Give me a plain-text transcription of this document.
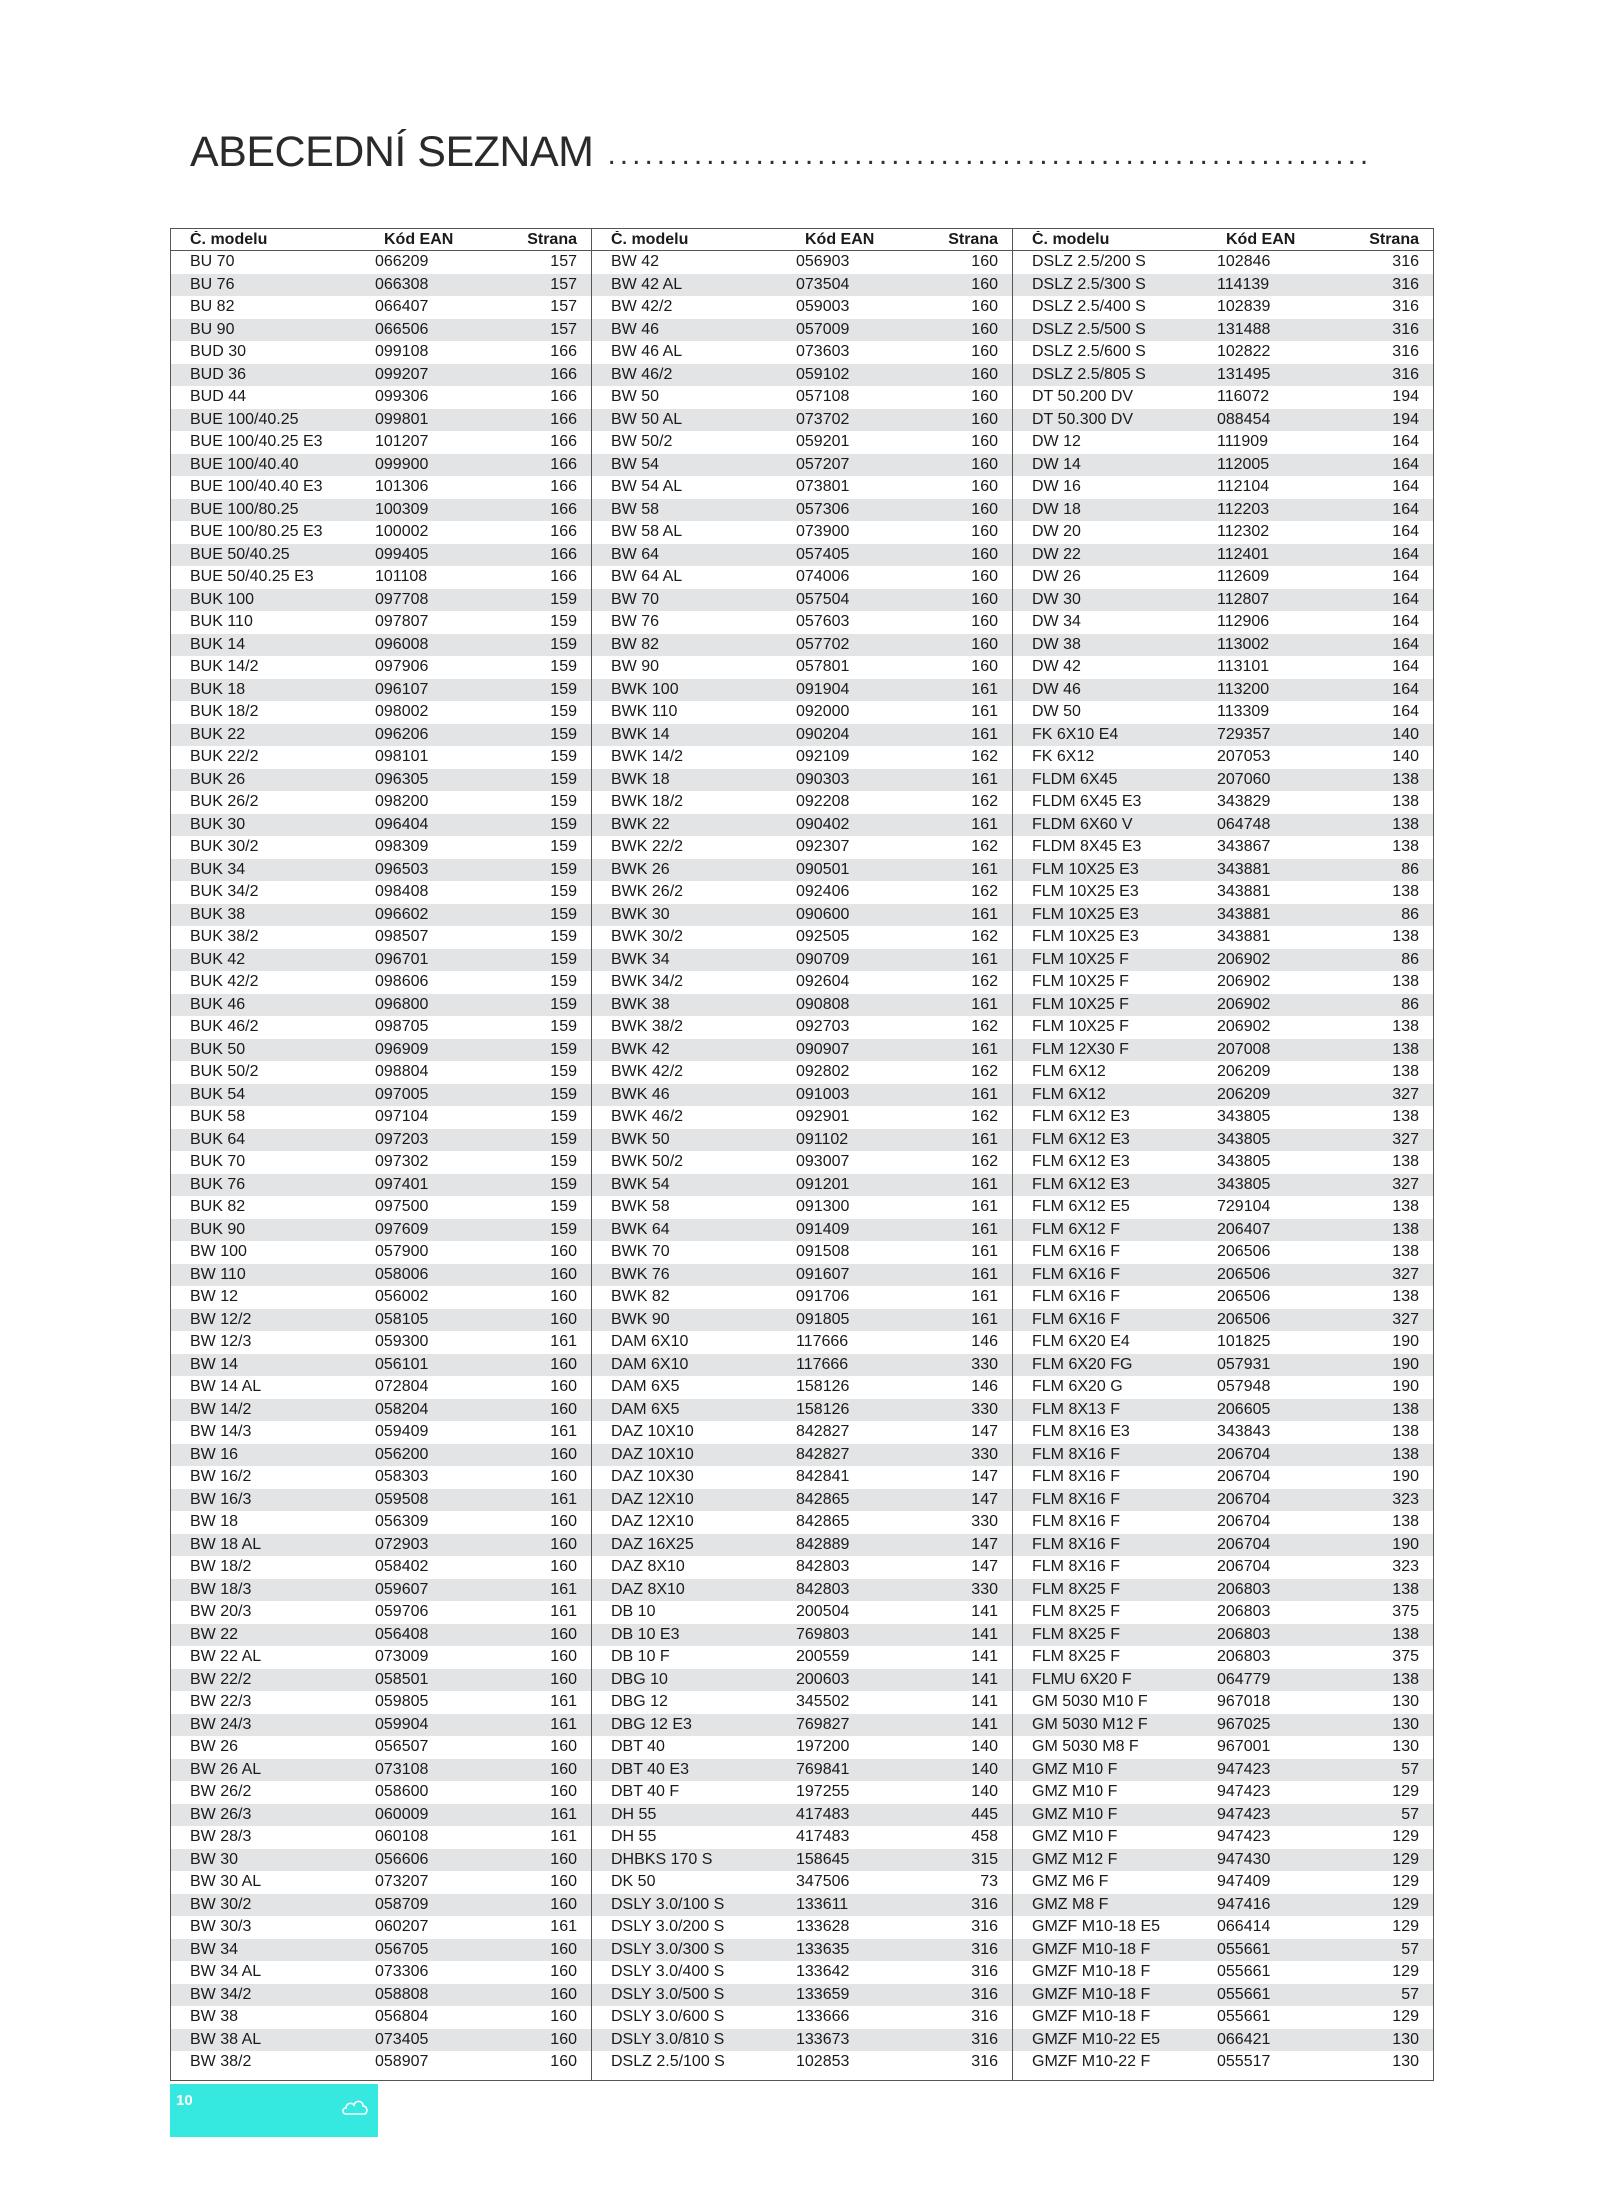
ABECEDNÍ SEZNAM ..............................................................
Č. modelu	Kód EAN	Strana
BU 70	066209	157
BU 76	066308	157
BU 82	066407	157
BU 90	066506	157
BUD 30	099108	166
BUD 36	099207	166
BUD 44	099306	166
BUE 100/40.25	099801	166
BUE 100/40.25 E3	101207	166
BUE 100/40.40	099900	166
BUE 100/40.40 E3	101306	166
BUE 100/80.25	100309	166
BUE 100/80.25 E3	100002	166
BUE 50/40.25	099405	166
BUE 50/40.25 E3	101108	166
BUK 100	097708	159
BUK 110	097807	159
BUK 14	096008	159
BUK 14/2	097906	159
BUK 18	096107	159
BUK 18/2	098002	159
BUK 22	096206	159
BUK 22/2	098101	159
BUK 26	096305	159
BUK 26/2	098200	159
BUK 30	096404	159
BUK 30/2	098309	159
BUK 34	096503	159
BUK 34/2	098408	159
BUK 38	096602	159
BUK 38/2	098507	159
BUK 42	096701	159
BUK 42/2	098606	159
BUK 46	096800	159
BUK 46/2	098705	159
BUK 50	096909	159
BUK 50/2	098804	159
BUK 54	097005	159
BUK 58	097104	159
BUK 64	097203	159
BUK 70	097302	159
BUK 76	097401	159
BUK 82	097500	159
BUK 90	097609	159
BW 100	057900	160
BW 110	058006	160
BW 12	056002	160
BW 12/2	058105	160
BW 12/3	059300	161
BW 14	056101	160
BW 14 AL	072804	160
BW 14/2	058204	160
BW 14/3	059409	161
BW 16	056200	160
BW 16/2	058303	160
BW 16/3	059508	161
BW 18	056309	160
BW 18 AL	072903	160
BW 18/2	058402	160
BW 18/3	059607	161
BW 20/3	059706	161
BW 22	056408	160
BW 22 AL	073009	160
BW 22/2	058501	160
BW 22/3	059805	161
BW 24/3	059904	161
BW 26	056507	160
BW 26 AL	073108	160
BW 26/2	058600	160
BW 26/3	060009	161
BW 28/3	060108	161
BW 30	056606	160
BW 30 AL	073207	160
BW 30/2	058709	160
BW 30/3	060207	161
BW 34	056705	160
BW 34 AL	073306	160
BW 34/2	058808	160
BW 38	056804	160
BW 38 AL	073405	160
BW 38/2	058907	160
Č. modelu	Kód EAN	Strana
BW 42	056903	160
BW 42 AL	073504	160
BW 42/2	059003	160
BW 46	057009	160
BW 46 AL	073603	160
BW 46/2	059102	160
BW 50	057108	160
BW 50 AL	073702	160
BW 50/2	059201	160
BW 54	057207	160
BW 54 AL	073801	160
BW 58	057306	160
BW 58 AL	073900	160
BW 64	057405	160
BW 64 AL	074006	160
BW 70	057504	160
BW 76	057603	160
BW 82	057702	160
BW 90	057801	160
BWK 100	091904	161
BWK 110	092000	161
BWK 14	090204	161
BWK 14/2	092109	162
BWK 18	090303	161
BWK 18/2	092208	162
BWK 22	090402	161
BWK 22/2	092307	162
BWK 26	090501	161
BWK 26/2	092406	162
BWK 30	090600	161
BWK 30/2	092505	162
BWK 34	090709	161
BWK 34/2	092604	162
BWK 38	090808	161
BWK 38/2	092703	162
BWK 42	090907	161
BWK 42/2	092802	162
BWK 46	091003	161
BWK 46/2	092901	162
BWK 50	091102	161
BWK 50/2	093007	162
BWK 54	091201	161
BWK 58	091300	161
BWK 64	091409	161
BWK 70	091508	161
BWK 76	091607	161
BWK 82	091706	161
BWK 90	091805	161
DAM 6X10	117666	146
DAM 6X10	117666	330
DAM 6X5	158126	146
DAM 6X5	158126	330
DAZ 10X10	842827	147
DAZ 10X10	842827	330
DAZ 10X30	842841	147
DAZ 12X10	842865	147
DAZ 12X10	842865	330
DAZ 16X25	842889	147
DAZ 8X10	842803	147
DAZ 8X10	842803	330
DB 10	200504	141
DB 10 E3	769803	141
DB 10 F	200559	141
DBG 10	200603	141
DBG 12	345502	141
DBG 12 E3	769827	141
DBT 40	197200	140
DBT 40 E3	769841	140
DBT 40 F	197255	140
DH 55	417483	445
DH 55	417483	458
DHBKS 170 S	158645	315
DK 50	347506	73
DSLY 3.0/100 S	133611	316
DSLY 3.0/200 S	133628	316
DSLY 3.0/300 S	133635	316
DSLY 3.0/400 S	133642	316
DSLY 3.0/500 S	133659	316
DSLY 3.0/600 S	133666	316
DSLY 3.0/810 S	133673	316
DSLZ 2.5/100 S	102853	316
Č. modelu	Kód EAN	Strana
DSLZ 2.5/200 S	102846	316
DSLZ 2.5/300 S	114139	316
DSLZ 2.5/400 S	102839	316
DSLZ 2.5/500 S	131488	316
DSLZ 2.5/600 S	102822	316
DSLZ 2.5/805 S	131495	316
DT 50.200 DV	116072	194
DT 50.300 DV	088454	194
DW 12	111909	164
DW 14	112005	164
DW 16	112104	164
DW 18	112203	164
DW 20	112302	164
DW 22	112401	164
DW 26	112609	164
DW 30	112807	164
DW 34	112906	164
DW 38	113002	164
DW 42	113101	164
DW 46	113200	164
DW 50	113309	164
FK 6X10 E4	729357	140
FK 6X12	207053	140
FLDM 6X45	207060	138
FLDM 6X45 E3	343829	138
FLDM 6X60 V	064748	138
FLDM 8X45 E3	343867	138
FLM 10X25 E3	343881	86
FLM 10X25 E3	343881	138
FLM 10X25 E3	343881	86
FLM 10X25 E3	343881	138
FLM 10X25 F	206902	86
FLM 10X25 F	206902	138
FLM 10X25 F	206902	86
FLM 10X25 F	206902	138
FLM 12X30 F	207008	138
FLM 6X12	206209	138
FLM 6X12	206209	327
FLM 6X12 E3	343805	138
FLM 6X12 E3	343805	327
FLM 6X12 E3	343805	138
FLM 6X12 E3	343805	327
FLM 6X12 E5	729104	138
FLM 6X12 F	206407	138
FLM 6X16 F	206506	138
FLM 6X16 F	206506	327
FLM 6X16 F	206506	138
FLM 6X16 F	206506	327
FLM 6X20 E4	101825	190
FLM 6X20 FG	057931	190
FLM 6X20 G	057948	190
FLM 8X13 F	206605	138
FLM 8X16 E3	343843	138
FLM 8X16 F	206704	138
FLM 8X16 F	206704	190
FLM 8X16 F	206704	323
FLM 8X16 F	206704	138
FLM 8X16 F	206704	190
FLM 8X16 F	206704	323
FLM 8X25 F	206803	138
FLM 8X25 F	206803	375
FLM 8X25 F	206803	138
FLM 8X25 F	206803	375
FLMU 6X20 F	064779	138
GM 5030 M10 F	967018	130
GM 5030 M12 F	967025	130
GM 5030 M8 F	967001	130
GMZ M10 F	947423	57
GMZ M10 F	947423	129
GMZ M10 F	947423	57
GMZ M10 F	947423	129
GMZ M12 F	947430	129
GMZ M6 F	947409	129
GMZ M8 F	947416	129
GMZF M10-18 E5	066414	129
GMZF M10-18 F	055661	57
GMZF M10-18 F	055661	129
GMZF M10-18 F	055661	57
GMZF M10-18 F	055661	129
GMZF M10-22 E5	066421	130
GMZF M10-22 F	055517	130
10
